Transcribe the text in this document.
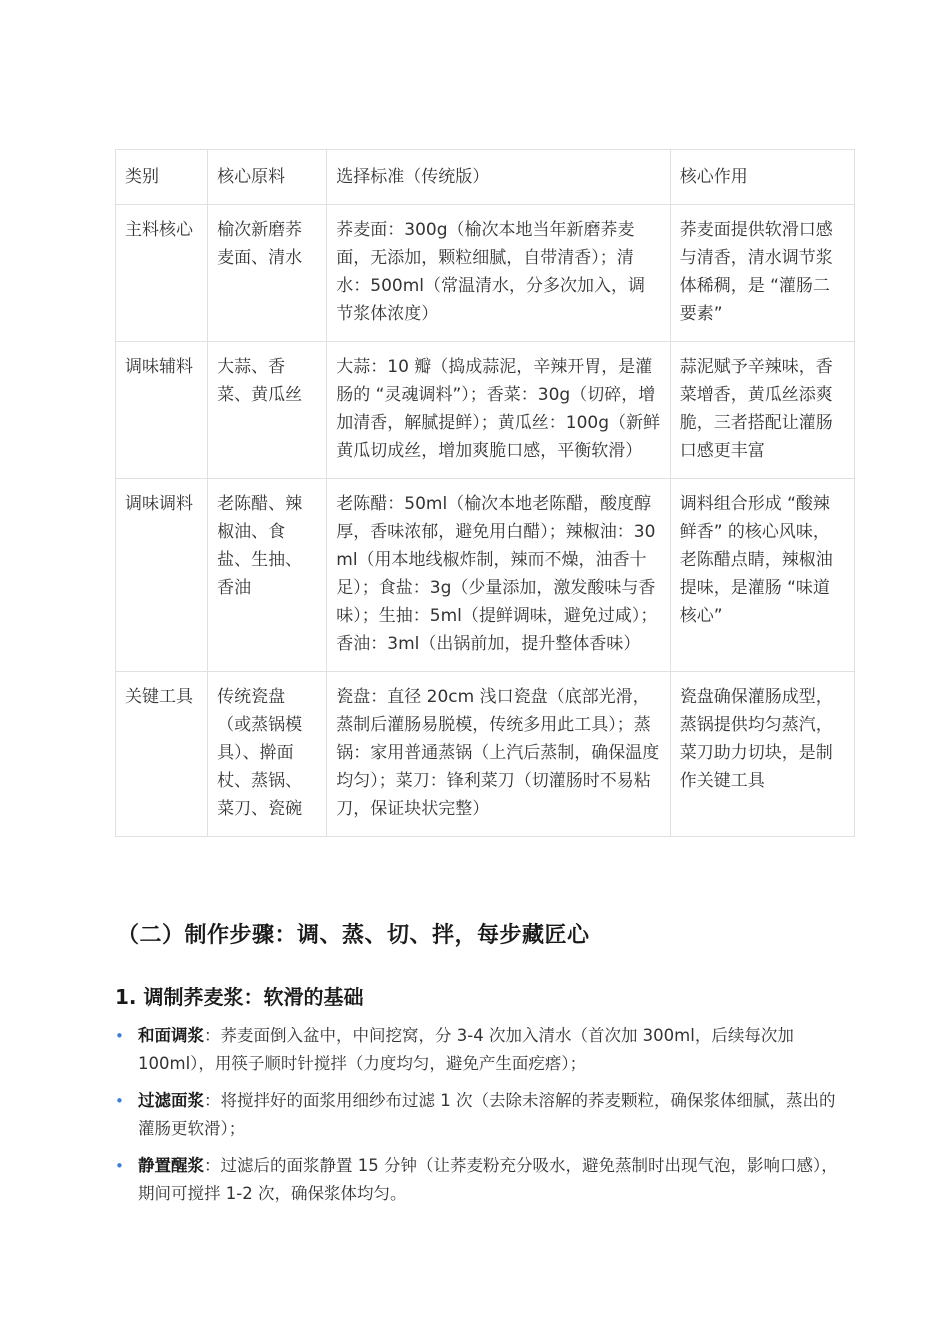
类别	核心原料	选择标准（传统版）	核心作用
主料核心	榆次新磨荞麦面、清水	荞麦面：300g（榆次本地当年新磨荞麦面，无添加，颗粒细腻，自带清香）；清水：500ml（常温清水，分多次加入，调节浆体浓度）	荞麦面提供软滑口感与清香，清水调节浆体稀稠，是 “灌肠二要素”
调味辅料	大蒜、香菜、黄瓜丝	大蒜：10 瓣（捣成蒜泥，辛辣开胃，是灌肠的 “灵魂调料”）；香菜：30g（切碎，增加清香，解腻提鲜）；黄瓜丝：100g（新鲜黄瓜切成丝，增加爽脆口感，平衡软滑）	蒜泥赋予辛辣味，香菜增香，黄瓜丝添爽脆，三者搭配让灌肠口感更丰富
调味调料	老陈醋、辣椒油、食盐、生抽、香油	老陈醋：50ml（榆次本地老陈醋，酸度醇厚，香味浓郁，避免用白醋）；辣椒油：30ml（用本地线椒炸制，辣而不燥，油香十足）；食盐：3g（少量添加，激发酸味与香味）；生抽：5ml（提鲜调味，避免过咸）；香油：3ml（出锅前加，提升整体香味）	调料组合形成 “酸辣鲜香” 的核心风味，老陈醋点睛，辣椒油提味，是灌肠 “味道核心”
关键工具	传统瓷盘（或蒸锅模具）、擀面杖、蒸锅、菜刀、瓷碗	瓷盘：直径 20cm 浅口瓷盘（底部光滑，蒸制后灌肠易脱模，传统多用此工具）；蒸锅：家用普通蒸锅（上汽后蒸制，确保温度均匀）；菜刀：锋利菜刀（切灌肠时不易粘刀，保证块状完整）	瓷盘确保灌肠成型，蒸锅提供均匀蒸汽，菜刀助力切块，是制作关键工具
（二）制作步骤：调、蒸、切、拌，每步藏匠心
1. 调制荞麦浆：软滑的基础
• 和面调浆：荞麦面倒入盆中，中间挖窝，分 3-4 次加入清水（首次加 300ml，后续每次加 100ml），用筷子顺时针搅拌（力度均匀，避免产生面疙瘩）；
• 过滤面浆：将搅拌好的面浆用细纱布过滤 1 次（去除未溶解的荞麦颗粒，确保浆体细腻，蒸出的灌肠更软滑）；
• 静置醒浆：过滤后的面浆静置 15 分钟（让荞麦粉充分吸水，避免蒸制时出现气泡，影响口感），期间可搅拌 1-2 次，确保浆体均匀。
